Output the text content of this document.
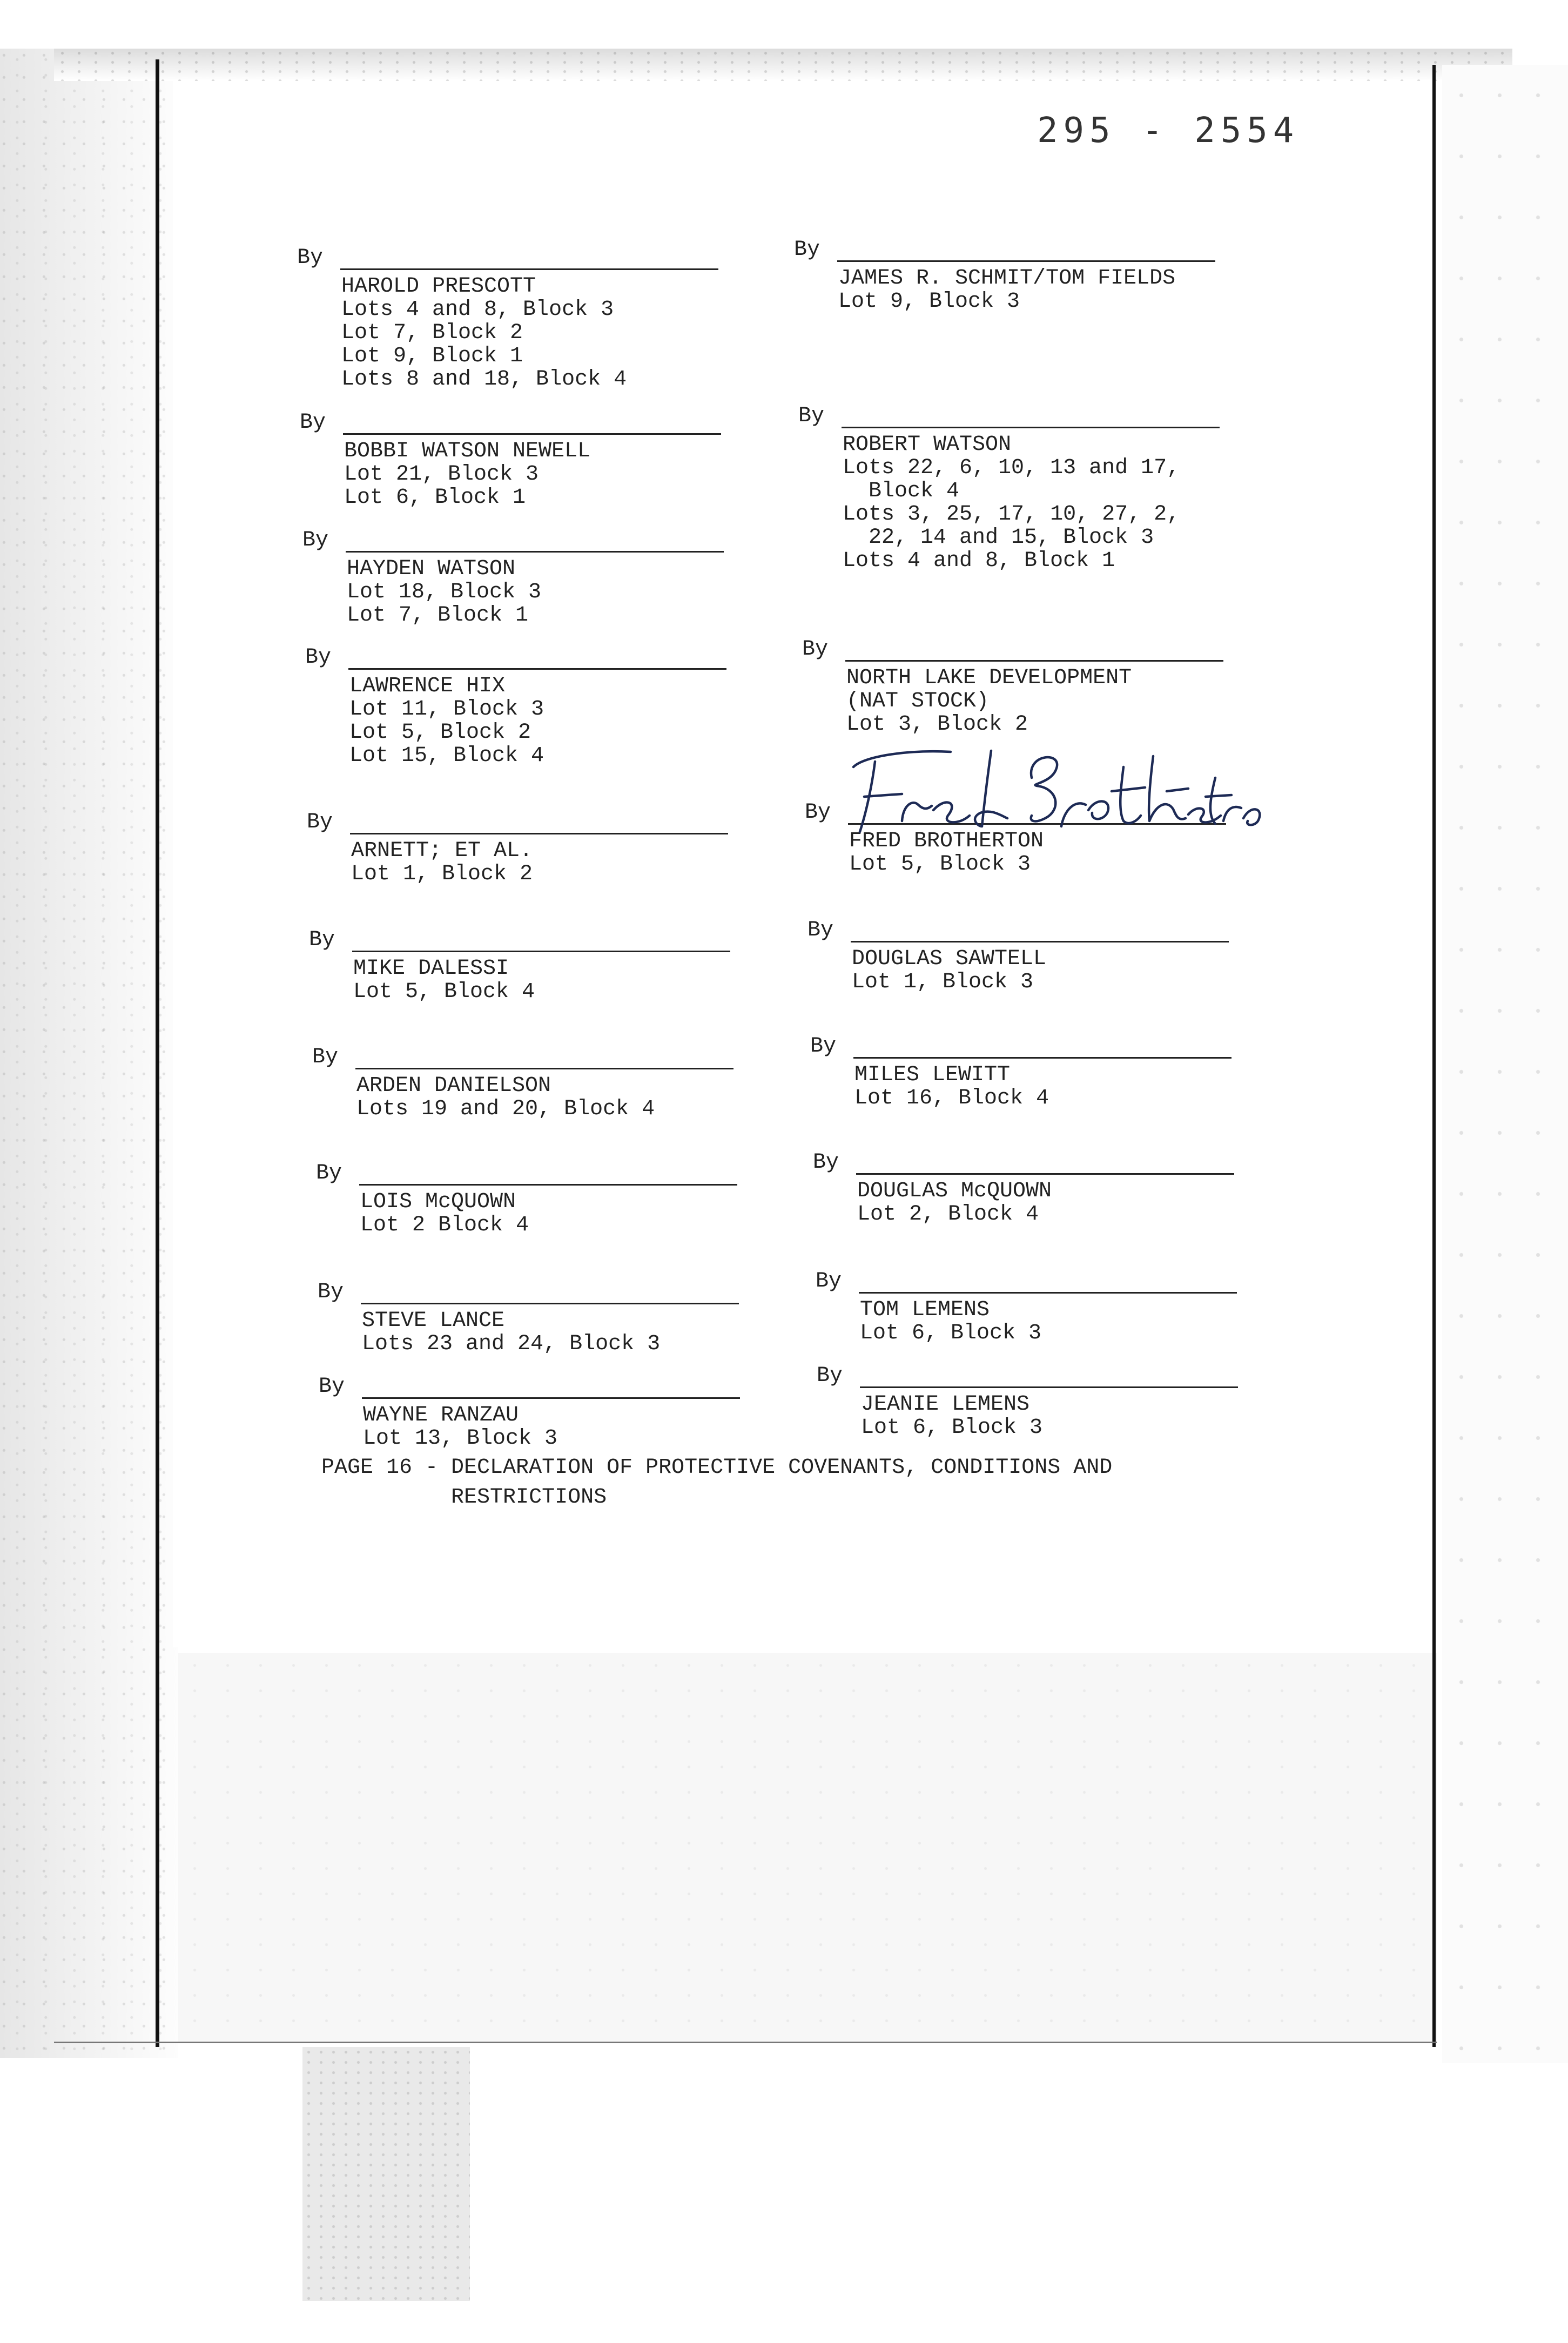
295 - 2554
By
HAROLD PRESCOTT
Lots 4 and 8, Block 3
Lot 7, Block 2
Lot 9, Block 1
Lots 8 and 18, Block 4
By
BOBBI WATSON NEWELL
Lot 21, Block 3
Lot 6, Block 1
By
HAYDEN WATSON
Lot 18, Block 3
Lot 7, Block 1
By
LAWRENCE HIX
Lot 11, Block 3
Lot 5, Block 2
Lot 15, Block 4
By
ARNETT; ET AL.
Lot 1, Block 2
By
MIKE DALESSI
Lot 5, Block 4
By
ARDEN DANIELSON
Lots 19 and 20, Block 4
By
LOIS McQUOWN
Lot 2 Block 4
By
STEVE LANCE
Lots 23 and 24, Block 3
By
WAYNE RANZAU
Lot 13, Block 3
By
JAMES R. SCHMIT/TOM FIELDS
Lot 9, Block 3
By
ROBERT WATSON
Lots 22, 6, 10, 13 and 17,
Block 4
Lots 3, 25, 17, 10, 27, 2,
22, 14 and 15, Block 3
Lots 4 and 8, Block 1
By
NORTH LAKE DEVELOPMENT
(NAT STOCK)
Lot 3, Block 2
By
FRED BROTHERTON
Lot 5, Block 3
By
DOUGLAS SAWTELL
Lot 1, Block 3
By
MILES LEWITT
Lot 16, Block 4
By
DOUGLAS McQUOWN
Lot 2, Block 4
By
TOM LEMENS
Lot 6, Block 3
By
JEANIE LEMENS
Lot 6, Block 3
PAGE 16 - DECLARATION OF PROTECTIVE COVENANTS, CONDITIONS AND
RESTRICTIONS
